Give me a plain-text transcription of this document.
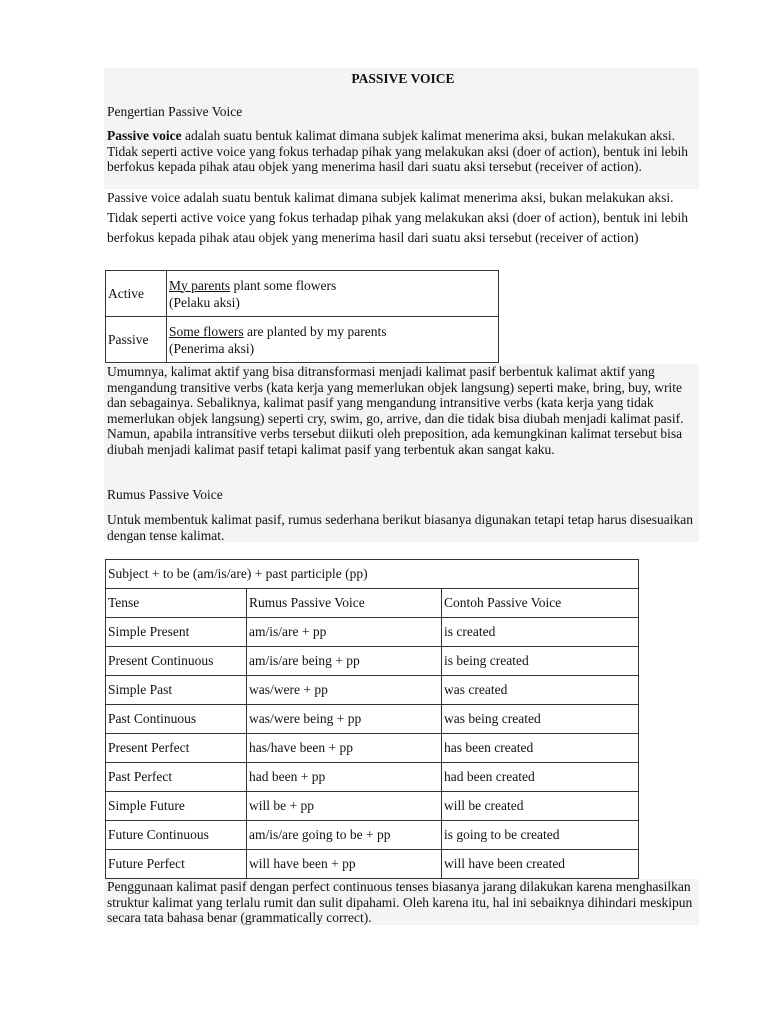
PASSIVE VOICE
Pengertian Passive Voice
Passive voice adalah suatu bentuk kalimat dimana subjek kalimat menerima aksi, bukan melakukan aksi. Tidak seperti active voice yang fokus terhadap pihak yang melakukan aksi (doer of action), bentuk ini lebih berfokus kepada pihak atau objek yang menerima hasil dari suatu aksi tersebut (receiver of action).
Passive voice adalah suatu bentuk kalimat dimana subjek kalimat menerima aksi, bukan melakukan aksi. Tidak seperti active voice yang fokus terhadap pihak yang melakukan aksi (doer of action), bentuk ini lebih berfokus kepada pihak atau objek yang menerima hasil dari suatu aksi tersebut (receiver of action)
Active	My parents plant some flowers
(Pelaku aksi)

Passive	Some flowers are planted by my parents
(Penerima aksi)
Umumnya, kalimat aktif yang bisa ditransformasi menjadi kalimat pasif berbentuk kalimat aktif yang mengandung transitive verbs (kata kerja yang memerlukan objek langsung) seperti make, bring, buy, write dan sebagainya. Sebaliknya, kalimat pasif yang mengandung intransitive verbs (kata kerja yang tidak memerlukan objek langsung) seperti cry, swim, go, arrive, dan die tidak bisa diubah menjadi kalimat pasif.
Namun, apabila intransitive verbs tersebut diikuti oleh preposition, ada kemungkinan kalimat tersebut bisa diubah menjadi kalimat pasif tetapi kalimat pasif yang terbentuk akan sangat kaku.
Rumus Passive Voice
Untuk membentuk kalimat pasif, rumus sederhana berikut biasanya digunakan tetapi tetap harus disesuaikan dengan tense kalimat.
Subject + to be (am/is/are) + past participle (pp)		
Tense	Rumus Passive Voice	Contoh Passive Voice
Simple Present	am/is/are + pp	is created
Present Continuous	am/is/are being + pp	is being created
Simple Past	was/were + pp	was created
Past Continuous	was/were being + pp	was being created
Present Perfect	has/have been + pp	has been created
Past Perfect	had been + pp	had been created
Simple Future	will be + pp	will be created
Future Continuous	am/is/are going to be + pp	is going to be created
Future Perfect	will have been + pp	will have been created
Penggunaan kalimat pasif dengan perfect continuous tenses biasanya jarang dilakukan karena menghasilkan struktur kalimat yang terlalu rumit dan sulit dipahami. Oleh karena itu, hal ini sebaiknya dihindari meskipun secara tata bahasa benar (grammatically correct).
